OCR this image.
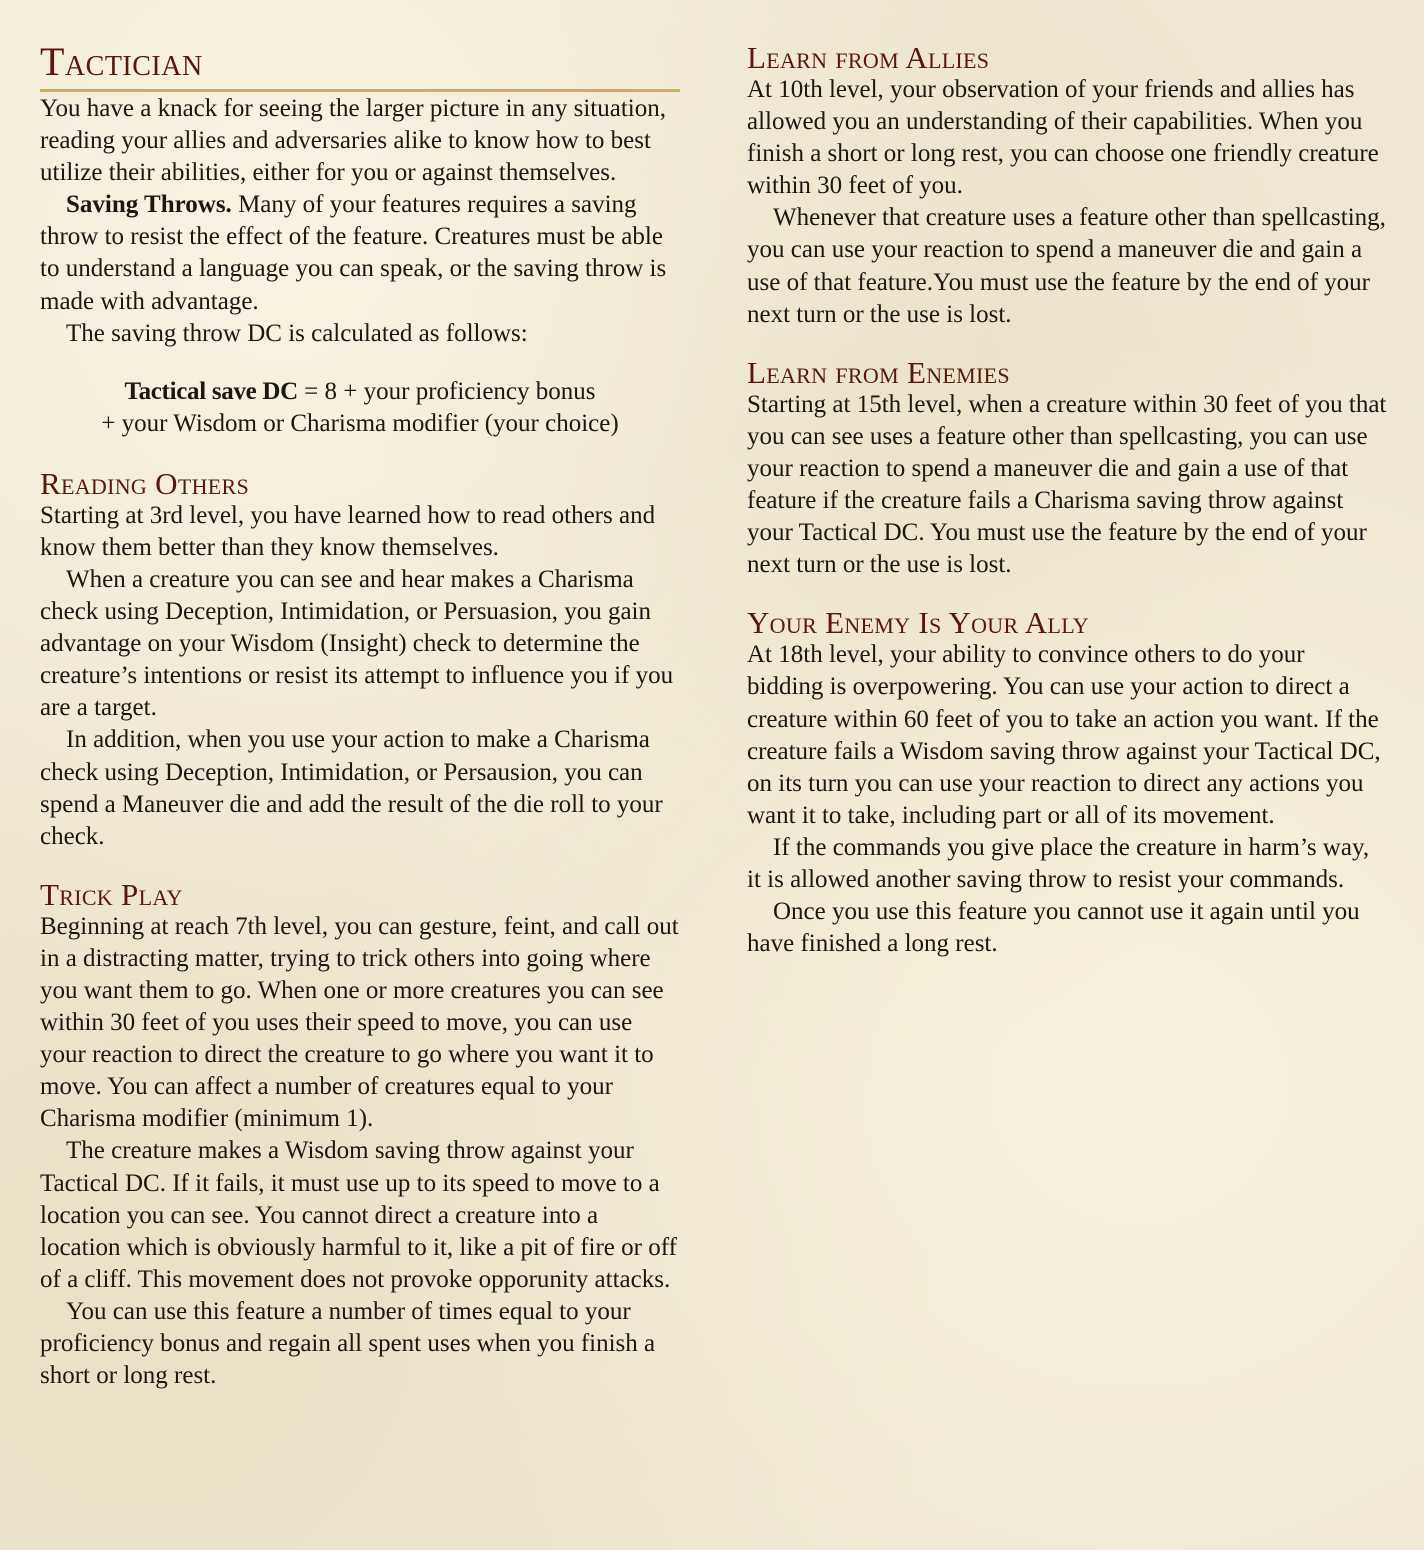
Tactician

You have a knack for seeing the larger picture in any situation, reading your allies and adversaries alike to know how to best utilize their abilities, either for you or against themselves.

Saving Throws. Many of your features requires a saving throw to resist the effect of the feature. Creatures must be able to understand a language you can speak, or the saving throw is made with advantage.

The saving throw DC is calculated as follows:

Tactical save DC = 8 + your proficiency bonus
+ your Wisdom or Charisma modifier (your choice)
Reading Others

Starting at 3rd level, you have learned how to read others and know them better than they know themselves.

When a creature you can see and hear makes a Charisma check using Deception, Intimidation, or Persuasion, you gain advantage on your Wisdom (Insight) check to determine the creature’s intentions or resist its attempt to influence you if you are a target.

In addition, when you use your action to make a Charisma check using Deception, Intimidation, or Persausion, you can spend a Maneuver die and add the result of the die roll to your check.

Trick Play

Beginning at reach 7th level, you can gesture, feint, and call out in a distracting matter, trying to trick others into going where you want them to go. When one or more creatures you can see within 30 feet of you uses their speed to move, you can use your reaction to direct the creature to go where you want it to move. You can affect a number of creatures equal to your Charisma modifier (minimum 1).

The creature makes a Wisdom saving throw against your Tactical DC. If it fails, it must use up to its speed to move to a location you can see. You cannot direct a creature into a location which is obviously harmful to it, like a pit of fire or off of a cliff. This movement does not provoke opporunity attacks.

You can use this feature a number of times equal to your proficiency bonus and regain all spent uses when you finish a short or long rest.

Learn from Allies

At 10th level, your observation of your friends and allies has allowed you an understanding of their capabilities. When you finish a short or long rest, you can choose one friendly creature within 30 feet of you.

Whenever that creature uses a feature other than spellcasting, you can use your reaction to spend a maneuver die and gain a use of that feature.You must use the feature by the end of your next turn or the use is lost.

Learn from Enemies

Starting at 15th level, when a creature within 30 feet of you that you can see uses a feature other than spellcasting, you can use your reaction to spend a maneuver die and gain a use of that feature if the creature fails a Charisma saving throw against your Tactical DC. You must use the feature by the end of your next turn or the use is lost.

Your Enemy Is Your Ally

At 18th level, your ability to convince others to do your bidding is overpowering. You can use your action to direct a creature within 60 feet of you to take an action you want. If the creature fails a Wisdom saving throw against your Tactical DC, on its turn you can use your reaction to direct any actions you want it to take, including part or all of its movement.

If the commands you give place the creature in harm’s way, it is allowed another saving throw to resist your commands.

Once you use this feature you cannot use it again until you have finished a long rest.
